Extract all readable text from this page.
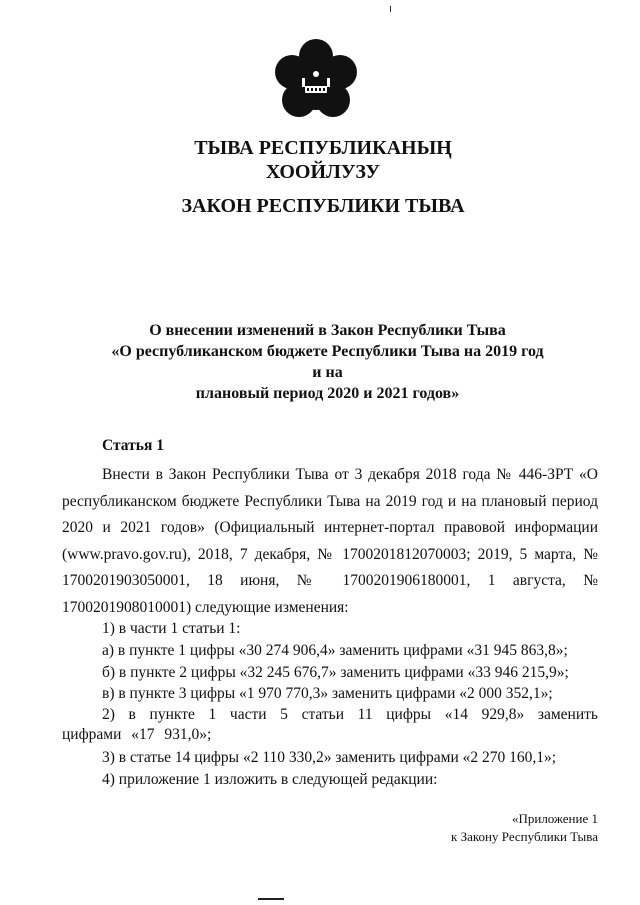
ТЫВА РЕСПУБЛИКАНЫҢ
ХООЙЛУЗУ
ЗАКОН РЕСПУБЛИКИ ТЫВА
О внесении изменений в Закон Республики Тыва
«О республиканском бюджете Республики Тыва на 2019 год и на
плановый период 2020 и 2021 годов»
Статья 1

Внести в Закон Республики Тыва от 3 декабря 2018 года № 446-ЗРТ «О республиканском бюджете Республики Тыва на 2019 год и на плановый период 2020 и 2021 годов» (Официальный интернет-портал правовой информации (www.pravo.gov.ru), 2018, 7 декабря, № 1700201812070003; 2019, 5 марта, № 1700201903050001, 18 июня, № 1700201906180001, 1 августа, № 1700201908010001) следующие изменения:

1) в части 1 статьи 1:

а) в пункте 1 цифры «30 274 906,4» заменить цифрами «31 945 863,8»;

б) в пункте 2 цифры «32 245 676,7» заменить цифрами «33 946 215,9»;

в) в пункте 3 цифры «1 970 770,3» заменить цифрами «2 000 352,1»;

2) в пункте 1 части 5 статьи 11 цифры «14 929,8» заменить цифрами «17 931,0»;

3) в статье 14 цифры «2 110 330,2» заменить цифрами «2 270 160,1»;

4) приложение 1 изложить в следующей редакции:

«Приложение 1
к Закону Республики Тыва
